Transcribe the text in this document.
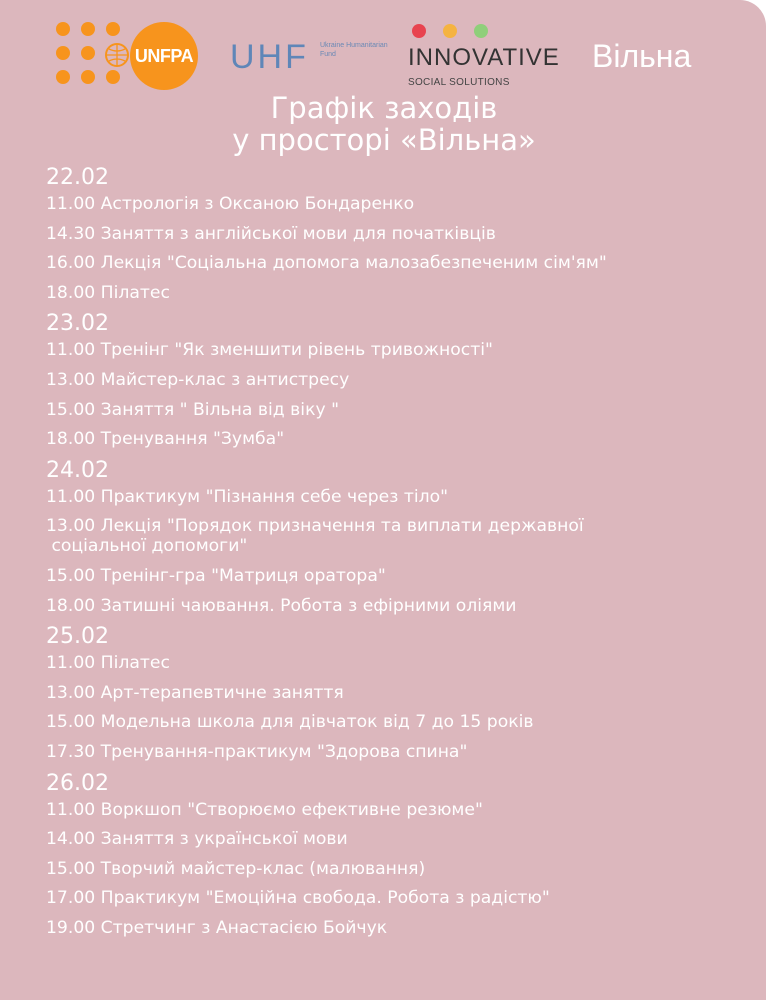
UNFPA UHF Ukraine Humanitarian Fund	INNOVATIVE
SOCIAL SOLUTIONS
Вільна
Графік заходів
у просторі «Вільна»
22.02
11.00 Астрологія з Оксаною Бондаренко
14.30 Заняття з англійської мови для початківців
16.00 Лекція "Соціальна допомога малозабезпеченим сім'ям"
18.00 Пілатес
23.02
11.00 Тренінг "Як зменшити рівень тривожності"
13.00 Майстер-клас з антистресу
15.00 Заняття " Вільна від віку "
18.00 Тренування "Зумба"
24.02
11.00 Практикум "Пізнання себе через тіло"
13.00 Лекція "Порядок призначення та виплати державної
соціальної допомоги"
15.00 Тренінг-гра "Матриця оратора"
18.00 Затишні чаювання. Робота з ефірними оліями
25.02
11.00 Пілатес
13.00 Арт-терапевтичне заняття
15.00 Модельна школа для дівчаток від 7 до 15 років
17.30 Тренування-практикум "Здорова спина"
26.02
11.00 Воркшоп "Створюємо ефективне резюме"
14.00 Заняття з української мови
15.00 Творчий майстер-клас (малювання)
17.00 Практикум "Емоційна свобода. Робота з радістю"
19.00 Стретчинг з Анастасією Бойчук
